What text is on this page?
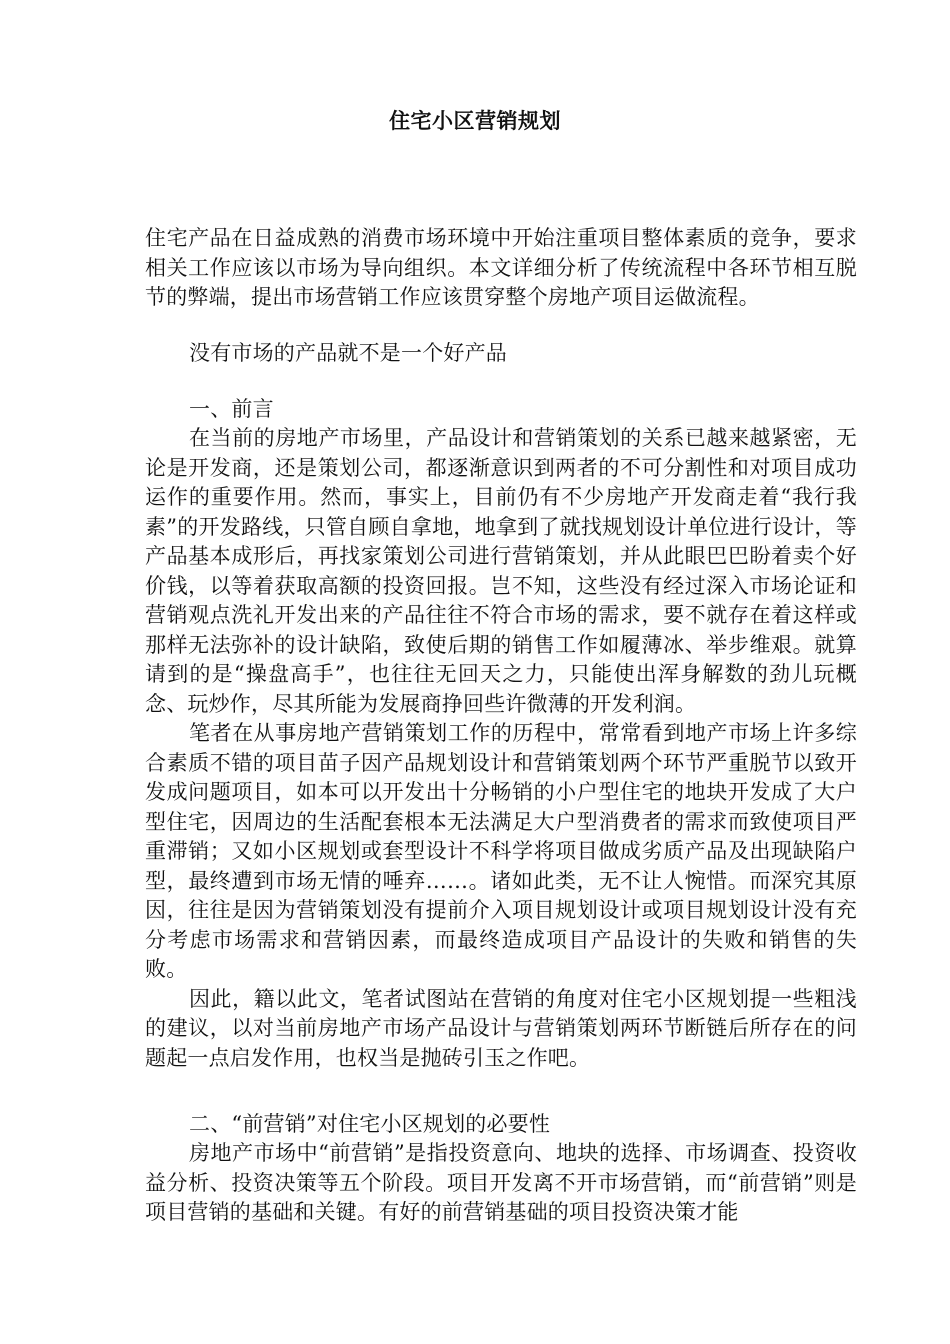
住宅小区营销规划

住宅产品在日益成熟的消费市场环境中开始注重项目整体素质的竞争，要求相关工作应该以市场为导向组织。本文详细分析了传统流程中各环节相互脱节的弊端，提出市场营销工作应该贯穿整个房地产项目运做流程。

没有市场的产品就不是一个好产品

一、前言

在当前的房地产市场里，产品设计和营销策划的关系已越来越紧密，无论是开发商，还是策划公司，都逐渐意识到两者的不可分割性和对项目成功运作的重要作用。然而，事实上，目前仍有不少房地产开发商走着“我行我素”的开发路线，只管自顾自拿地，地拿到了就找规划设计单位进行设计，等产品基本成形后，再找家策划公司进行营销策划，并从此眼巴巴盼着卖个好价钱，以等着获取高额的投资回报。岂不知，这些没有经过深入市场论证和营销观点洗礼开发出来的产品往往不符合市场的需求，要不就存在着这样或那样无法弥补的设计缺陷，致使后期的销售工作如履薄冰、举步维艰。就算请到的是“操盘高手”，也往往无回天之力，只能使出浑身解数的劲儿玩概念、玩炒作，尽其所能为发展商挣回些许微薄的开发利润。

笔者在从事房地产营销策划工作的历程中，常常看到地产市场上许多综合素质不错的项目苗子因产品规划设计和营销策划两个环节严重脱节以致开发成问题项目，如本可以开发出十分畅销的小户型住宅的地块开发成了大户型住宅，因周边的生活配套根本无法满足大户型消费者的需求而致使项目严重滞销；又如小区规划或套型设计不科学将项目做成劣质产品及出现缺陷户型，最终遭到市场无情的唾弃……。诸如此类，无不让人惋惜。而深究其原因，往往是因为营销策划没有提前介入项目规划设计或项目规划设计没有充分考虑市场需求和营销因素，而最终造成项目产品设计的失败和销售的失败。

因此，籍以此文，笔者试图站在营销的角度对住宅小区规划提一些粗浅的建议，以对当前房地产市场产品设计与营销策划两环节断链后所存在的问题起一点启发作用，也权当是抛砖引玉之作吧。

二、“前营销”对住宅小区规划的必要性

房地产市场中“前营销”是指投资意向、地块的选择、市场调查、投资收益分析、投资决策等五个阶段。项目开发离不开市场营销，而“前营销”则是项目营销的基础和关键。有好的前营销基础的项目投资决策才能
